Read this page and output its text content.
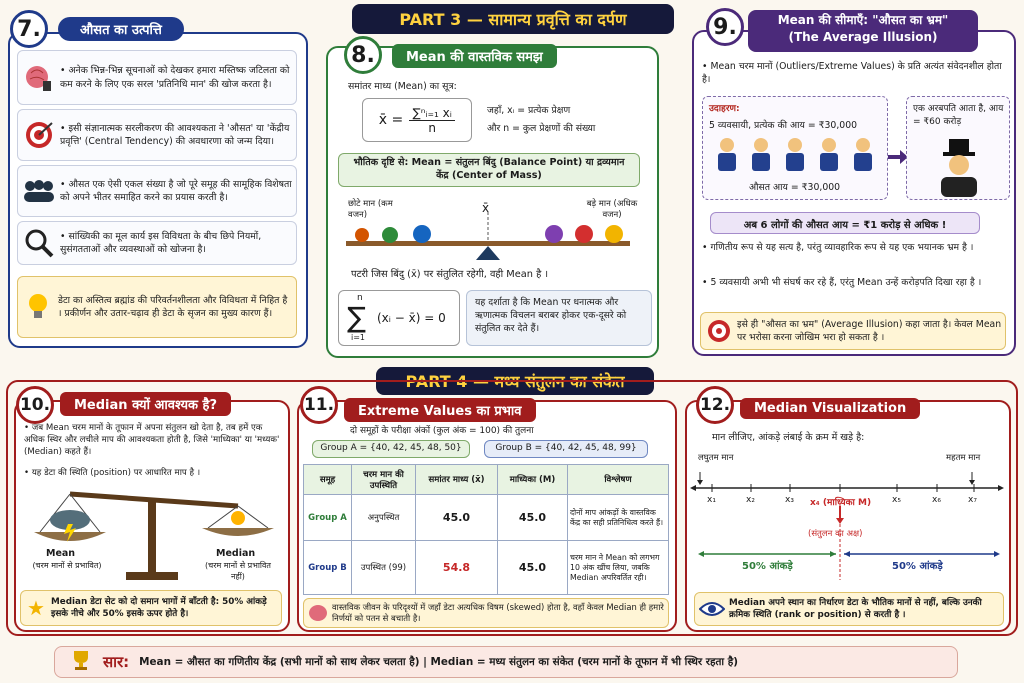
PART 3 — सामान्य प्रवृत्ति का दर्पण
7.	औसत का उत्पत्ति
• अनेक भिन्न-भिन्न सूचनाओं को देखकर हमारा मस्तिष्क जटिलता को कम करने के लिए एक सरल 'प्रतिनिधि मान' की खोज करता है।
• इसी संज्ञानात्मक सरलीकरण की आवश्यकता ने 'औसत' या 'केंद्रीय प्रवृत्ति' (Central Tendency) की अवधारणा को जन्म दिया।
• औसत एक ऐसी एकल संख्या है जो पूरे समूह की सामूहिक विशेषता को अपने भीतर समाहित करने का प्रयास करती है।
• सांख्यिकी का मूल कार्य इस विविधता के बीच छिपे नियमों, सुसंगतताओं और व्यवस्थाओं को खोजना है।
डेटा का अस्तित्व ब्रह्मांड की परिवर्तनशीलता और विविधता में निहित है । प्रकीर्णन और उतार-चढ़ाव ही डेटा के सृजन का मुख्य कारण हैं।
8.	Mean की वास्तविक समझ
समांतर माध्य (Mean) का सूत्र:
x̄ = $\frac{\text{∑ⁿᵢ₌₁ xᵢ}}{n}$	जहाँ, xᵢ = प्रत्येक प्रेक्षण
और n = कुल प्रेक्षणों की संख्या
भौतिक दृष्टि से: Mean = संतुलन बिंदु (Balance Point) या द्रव्यमान केंद्र (Center of Mass)
छोटे मान (कम वजन)	x̄	बड़े मान (अधिक वजन)
पटरी जिस बिंदु (x̄) पर संतुलित रहेगी, वही Mean है ।
n
∑
i=1
(xᵢ − x̄) = 0
यह दर्शाता है कि Mean पर धनात्मक और ऋणात्मक विचलन बराबर होकर एक-दूसरे को संतुलित कर देते हैं।
9.	Mean की सीमाएँ: "औसत का भ्रम"
(The Average Illusion)
• Mean चरम मानों (Outliers/Extreme Values) के प्रति अत्यंत संवेदनशील होता है।
उदाहरण:
5 व्यवसायी, प्रत्येक की आय = ₹30,000
औसत आय = ₹30,000
एक अरबपति आता है, आय = ₹60 करोड़
अब 6 लोगों की औसत आय = ₹1 करोड़ से अधिक !
• गणितीय रूप से यह सत्य है, परंतु व्यावहारिक रूप से यह एक भयानक भ्रम है ।
• 5 व्यवसायी अभी भी संघर्ष कर रहे हैं, एरंतु Mean उन्हें करोड़पति दिखा रहा है ।
इसे ही "औसत का भ्रम" (Average Illusion) कहा जाता है। केवल Mean पर भरोसा करना जोखिम भरा हो सकता है ।
PART 4 — मध्य संतुलन का संकेत
10.	Median क्यों आवश्यक है?
• जब Mean चरम मानों के तूफान में अपना संतुलन खो देता है, तब हमें एक अधिक स्थिर और लचीले माप की आवश्यकता होती है, जिसे 'माध्यिका' या 'मध्यक' (Median) कहते हैं।
• यह डेटा की स्थिति (position) पर आधारित माप है ।
Mean
(चरम मानों से प्रभावित)
Median
(चरम मानों से प्रभावित नहीं)
★ Median डेटा सेट को दो समान भागों में बाँटती है: 50% आंकड़े इसके नीचे और 50% इसके ऊपर होते है।
11.	Extreme Values का प्रभाव
दो समूहों के परीक्षा अंकों (कुल अंक = 100) की तुलना
Group A = {40, 42, 45, 48, 50}	Group B = {40, 42, 45, 48, 99}
समूह	चरम मान की उपस्थिति	समांतर माध्य (x̄)	माध्यिका (M)	विश्लेषण
Group A	अनुपस्थित	45.0	45.0	दोनों माप आंकड़ों के वास्तविक केंद्र का सही प्रतिनिधित्व करते हैं।
Group B	उपस्थित (99)	54.8	45.0	चरम मान ने Mean को लगभग 10 अंक खींच लिया, जबकि Median अपरिवर्तित रही।
वास्तविक जीवन के परिदृश्यों में जहाँ डेटा अत्यधिक विषम (skewed) होता है, वहाँ केवल Median ही हमारे निर्णयों को पतन से बचाती है।
12.	Median Visualization
मान लीजिए, आंकड़े लंबाई के क्रम में खड़े है:
लघुतम मान	महतम मान
x₁	x₂	x₃ x₄ (माध्यिका M) x₅	x₆	x₇
(संतुलन का अक्ष)
50% आंकड़े	50% आंकड़े
Median अपने स्थान का निर्धारण डेटा के भौतिक मानों से नहीं, बल्कि उनकी क्रमिक स्थिति (rank or position) से करती है ।
सार: Mean = औसत का गणितीय केंद्र (सभी मानों को साथ लेकर चलता है) | Median = मध्य संतुलन का संकेत (चरम मानों के तूफान में भी स्थिर रहता है)
